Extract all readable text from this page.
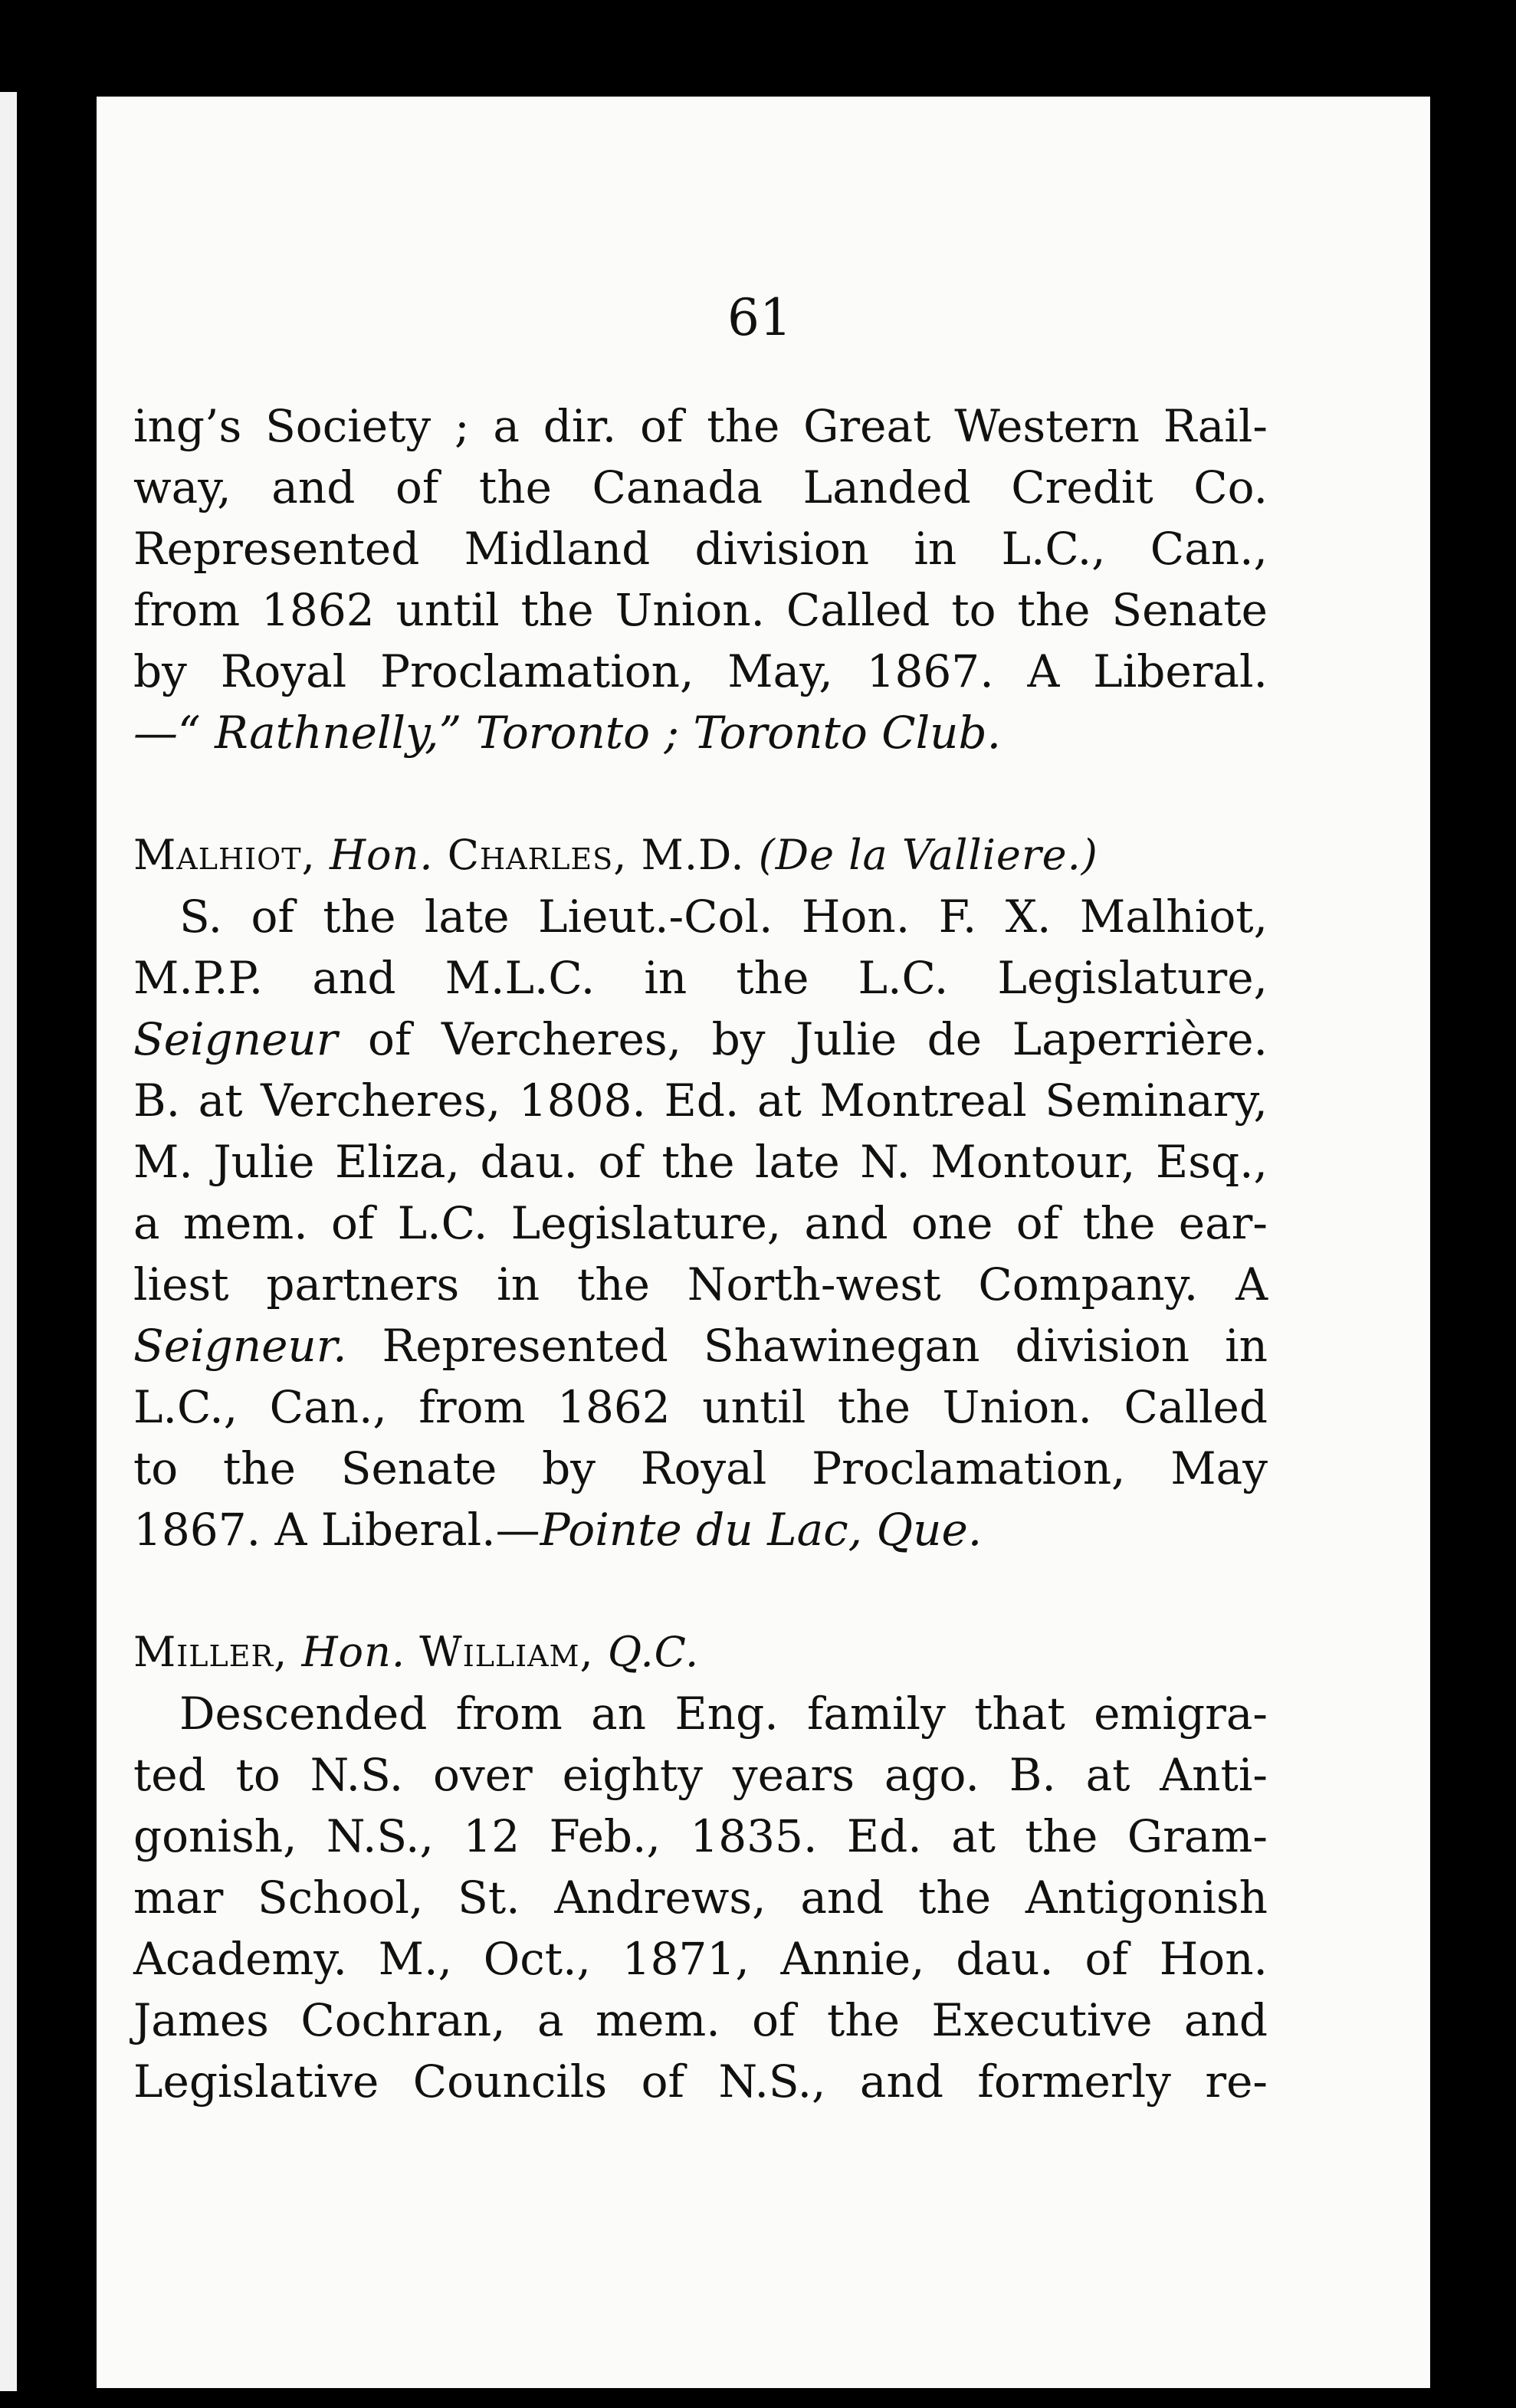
61
ing’s Society ; a dir. of the Great Western Rail-
way, and of the Canada Landed Credit Co.
Represented Midland division in L.C., Can.,
from 1862 until the Union. Called to the Senate
by Royal Proclamation, May, 1867. A Liberal.
—“ Rathnelly,” Toronto ; Toronto Club.
Malhiot, Hon. Charles, M.D. (De la Valliere.)
S. of the late Lieut.-Col. Hon. F. X. Malhiot,
M.P.P. and M.L.C. in the L.C. Legislature,
Seigneur of Vercheres, by Julie de Laperrière.
B. at Vercheres, 1808. Ed. at Montreal Seminary,
M. Julie Eliza, dau. of the late N. Montour, Esq.,
a mem. of L.C. Legislature, and one of the ear-
liest partners in the North-west Company. A
Seigneur. Represented Shawinegan division in
L.C., Can., from 1862 until the Union. Called
to the Senate by Royal Proclamation, May
1867. A Liberal.—Pointe du Lac, Que.
Miller, Hon. William, Q.C.
Descended from an Eng. family that emigra-
ted to N.S. over eighty years ago. B. at Anti-
gonish, N.S., 12 Feb., 1835. Ed. at the Gram-
mar School, St. Andrews, and the Antigonish
Academy. M., Oct., 1871, Annie, dau. of Hon.
James Cochran, a mem. of the Executive and
Legislative Councils of N.S., and formerly re-
